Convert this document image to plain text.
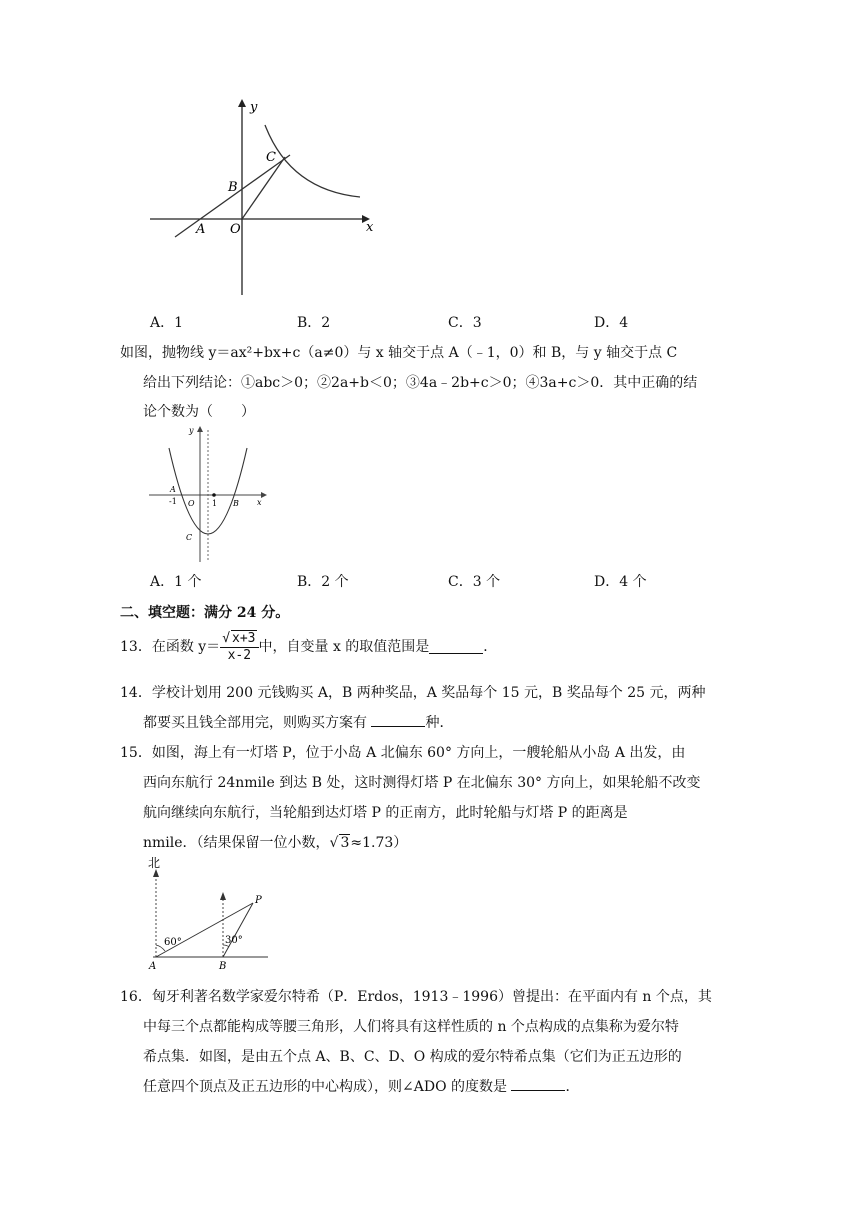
y
x
A
B
C
O
A．1	B．2	C．3	D．4
如图，抛物线 y＝ax²+bx+c（a≠0）与 x 轴交于点 A（﹣1，0）和 B，与 y 轴交于点 C
给出下列结论：①abc＞0；②2a+b＜0；③4a﹣2b+c＞0；④3a+c＞0．其中正确的结
论个数为（　　）
y
x
A
-1 O 1 B
C
A．1 个	B．2 个	C．3 个	D．4 个
二、填空题：满分 24 分。
13．在函数 $y= \frac{√ x+3}{x-2}$ 中，自变量 x 的取值范围是	．
14．学校计划用 200 元钱购买 A，B 两种奖品，A 奖品每个 15 元，B 奖品每个 25 元，两种
都要买且钱全部用完，则购买方案有	种．
15．如图，海上有一灯塔 P，位于小岛 A 北偏东 60° 方向上，一艘轮船从小岛 A 出发，由
西向东航行 24nmile 到达 B 处，这时测得灯塔 P 在北偏东 30° 方向上，如果轮船不改变
航向继续向东航行，当轮船到达灯塔 P 的正南方，此时轮船与灯塔 P 的距离是
nmile．（结果保留一位小数，√ 3≈1.73）
北
P
A	B
60°	30°
16．匈牙利著名数学家爱尔特希（P．Erdos，1913﹣1996）曾提出：在平面内有 n 个点，其
中每三个点都能构成等腰三角形，人们将具有这样性质的 n 个点构成的点集称为爱尔特
希点集．如图，是由五个点 A、B、C、D、O 构成的爱尔特希点集（它们为正五边形的
任意四个顶点及正五边形的中心构成），则∠ADO 的度数是	．
